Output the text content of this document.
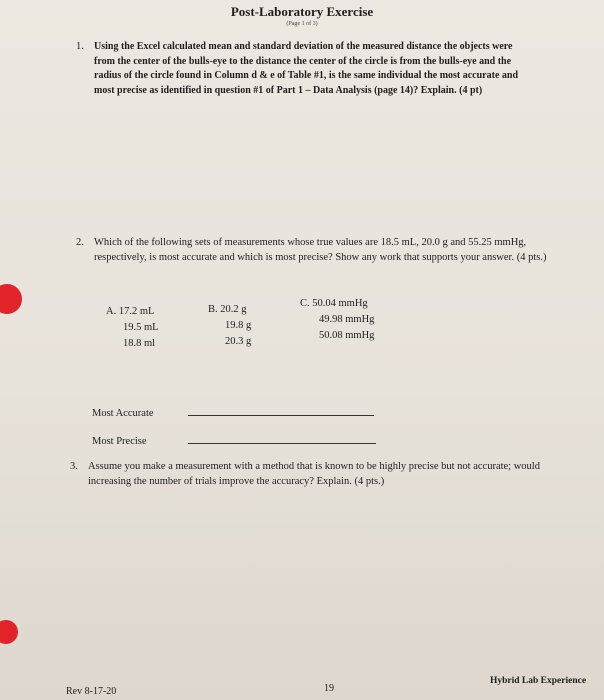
Post-Laboratory Exercise
(Page 1 of 3)
1. Using the Excel calculated mean and standard deviation of the measured distance the objects were from the center of the bulls-eye to the distance the center of the circle is from the bulls-eye and the radius of the circle found in Column d & e of Table #1, is the same individual the most accurate and most precise as identified in question #1 of Part 1 – Data Analysis (page 14)? Explain. (4 pt)
2. Which of the following sets of measurements whose true values are 18.5 mL, 20.0 g and 55.25 mmHg, respectively, is most accurate and which is most precise? Show any work that supports your answer. (4 pts.)
A. 17.2 mL
19.5 mL
18.8 ml
B. 20.2 g
19.8 g
20.3 g
C. 50.04 mmHg
49.98 mmHg
50.08 mmHg
Most Accurate
Most Precise
3. Assume you make a measurement with a method that is known to be highly precise but not accurate; would increasing the number of trials improve the accuracy? Explain. (4 pts.)
Rev 8-17-20	19
Hybrid Lab Experience
